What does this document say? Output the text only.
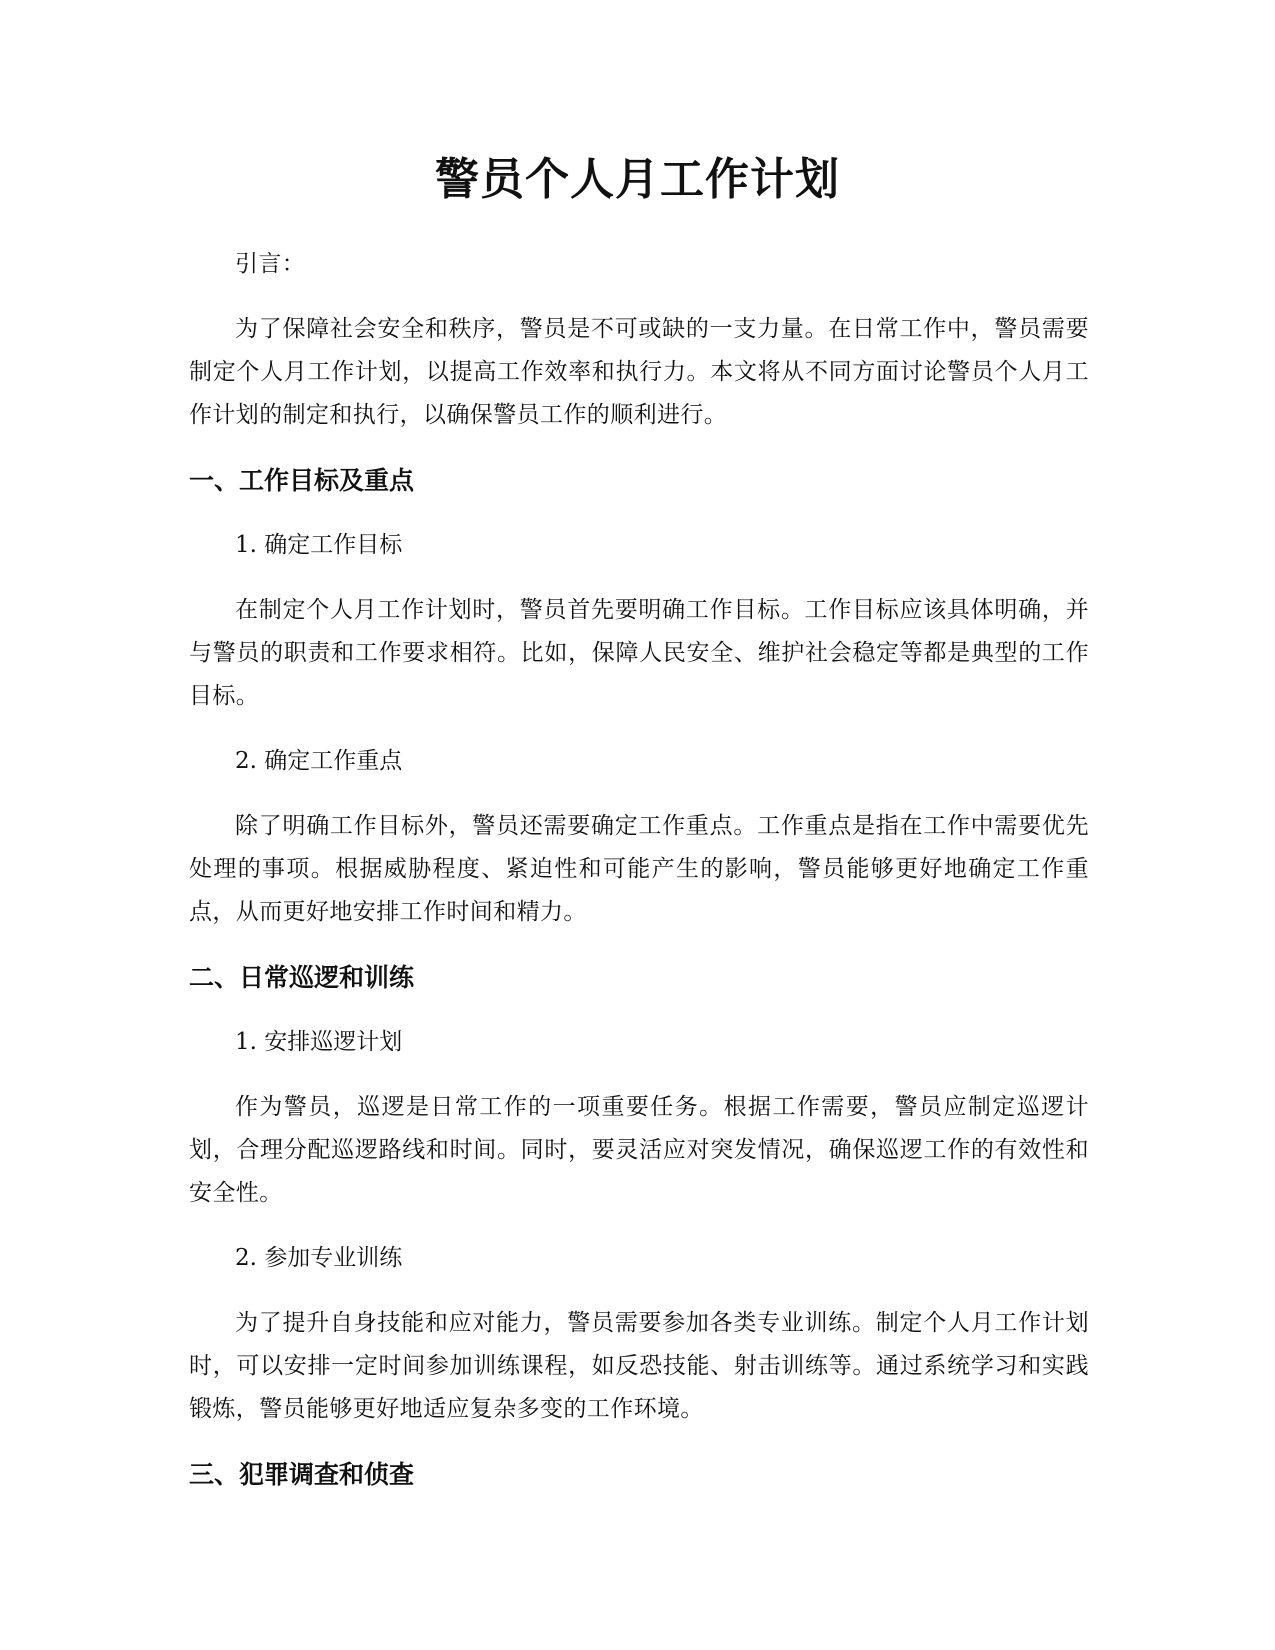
警员个人月工作计划

引言：

为了保障社会安全和秩序，警员是不可或缺的一支力量。在日常工作中，警员需要制定个人月工作计划，以提高工作效率和执行力。本文将从不同方面讨论警员个人月工作计划的制定和执行，以确保警员工作的顺利进行。

一、工作目标及重点
1. 确定工作目标

在制定个人月工作计划时，警员首先要明确工作目标。工作目标应该具体明确，并与警员的职责和工作要求相符。比如，保障人民安全、维护社会稳定等都是典型的工作目标。

2. 确定工作重点

除了明确工作目标外，警员还需要确定工作重点。工作重点是指在工作中需要优先处理的事项。根据威胁程度、紧迫性和可能产生的影响，警员能够更好地确定工作重点，从而更好地安排工作时间和精力。

二、日常巡逻和训练
1. 安排巡逻计划

作为警员，巡逻是日常工作的一项重要任务。根据工作需要，警员应制定巡逻计划，合理分配巡逻路线和时间。同时，要灵活应对突发情况，确保巡逻工作的有效性和安全性。

2. 参加专业训练

为了提升自身技能和应对能力，警员需要参加各类专业训练。制定个人月工作计划时，可以安排一定时间参加训练课程，如反恐技能、射击训练等。通过系统学习和实践锻炼，警员能够更好地适应复杂多变的工作环境。

三、犯罪调查和侦查
